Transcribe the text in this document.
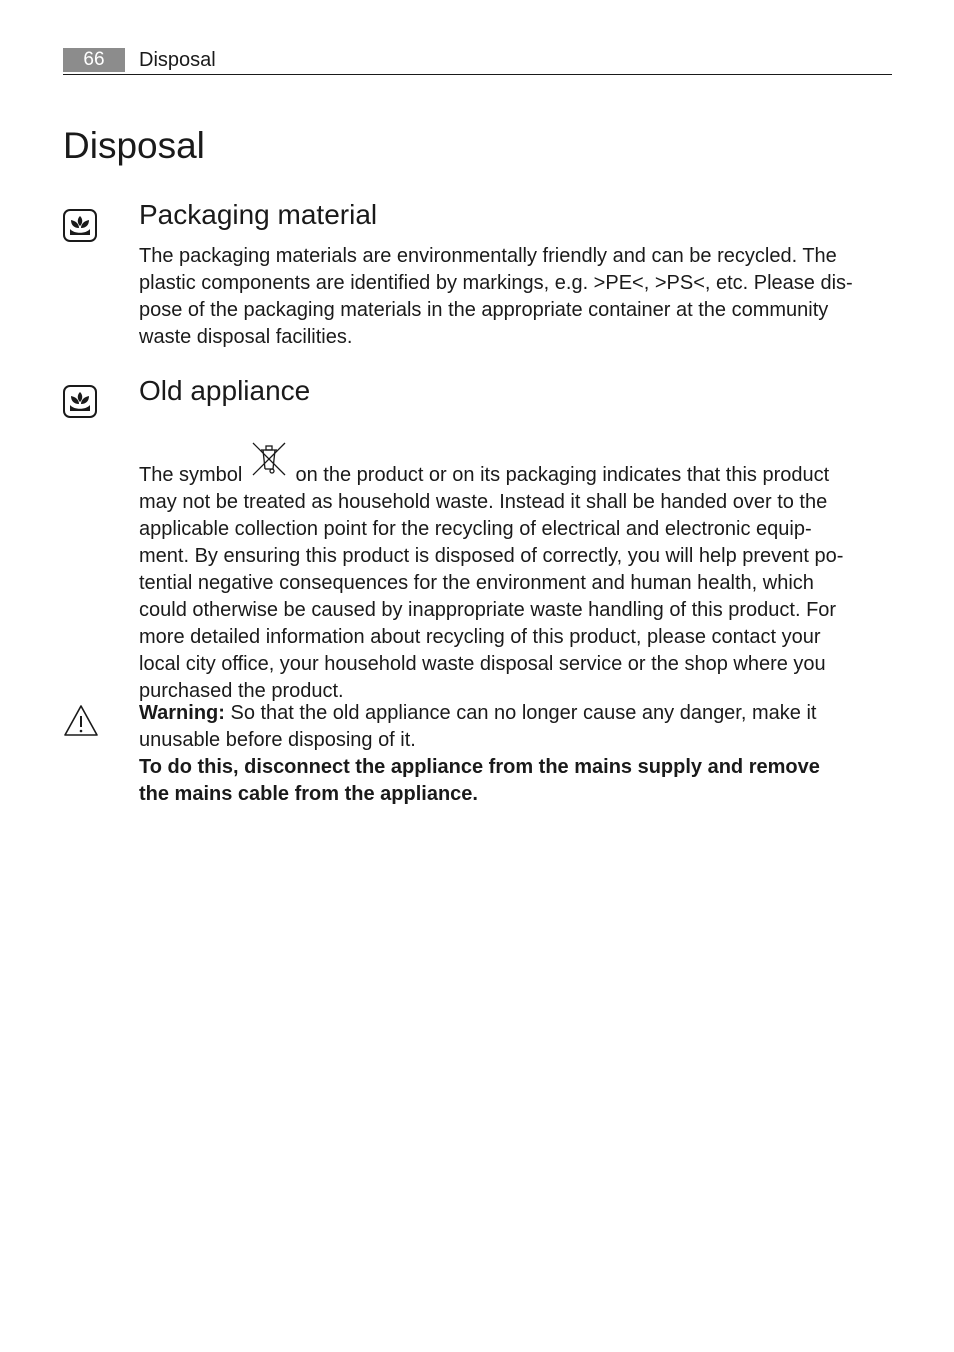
66	Disposal
Disposal
Packaging material
The packaging materials are environmentally friendly and can be recycled. The
plastic components are identified by markings, e.g. >PE<, >PS<, etc. Please dis-
pose of the packaging materials in the appropriate container at the community
waste disposal facilities.
Old appliance
The symbol	on the product or on its packaging indicates that this product
may not be treated as household waste. Instead it shall be handed over to the
applicable collection point for the recycling of electrical and electronic equip-
ment. By ensuring this product is disposed of correctly, you will help prevent po-
tential negative consequences for the environment and human health, which
could otherwise be caused by inappropriate waste handling of this product. For
more detailed information about recycling of this product, please contact your
local city office, your household waste disposal service or the shop where you
purchased the product.
Warning: So that the old appliance can no longer cause any danger, make it
unusable before disposing of it.
To do this, disconnect the appliance from the mains supply and remove
the mains cable from the appliance.
